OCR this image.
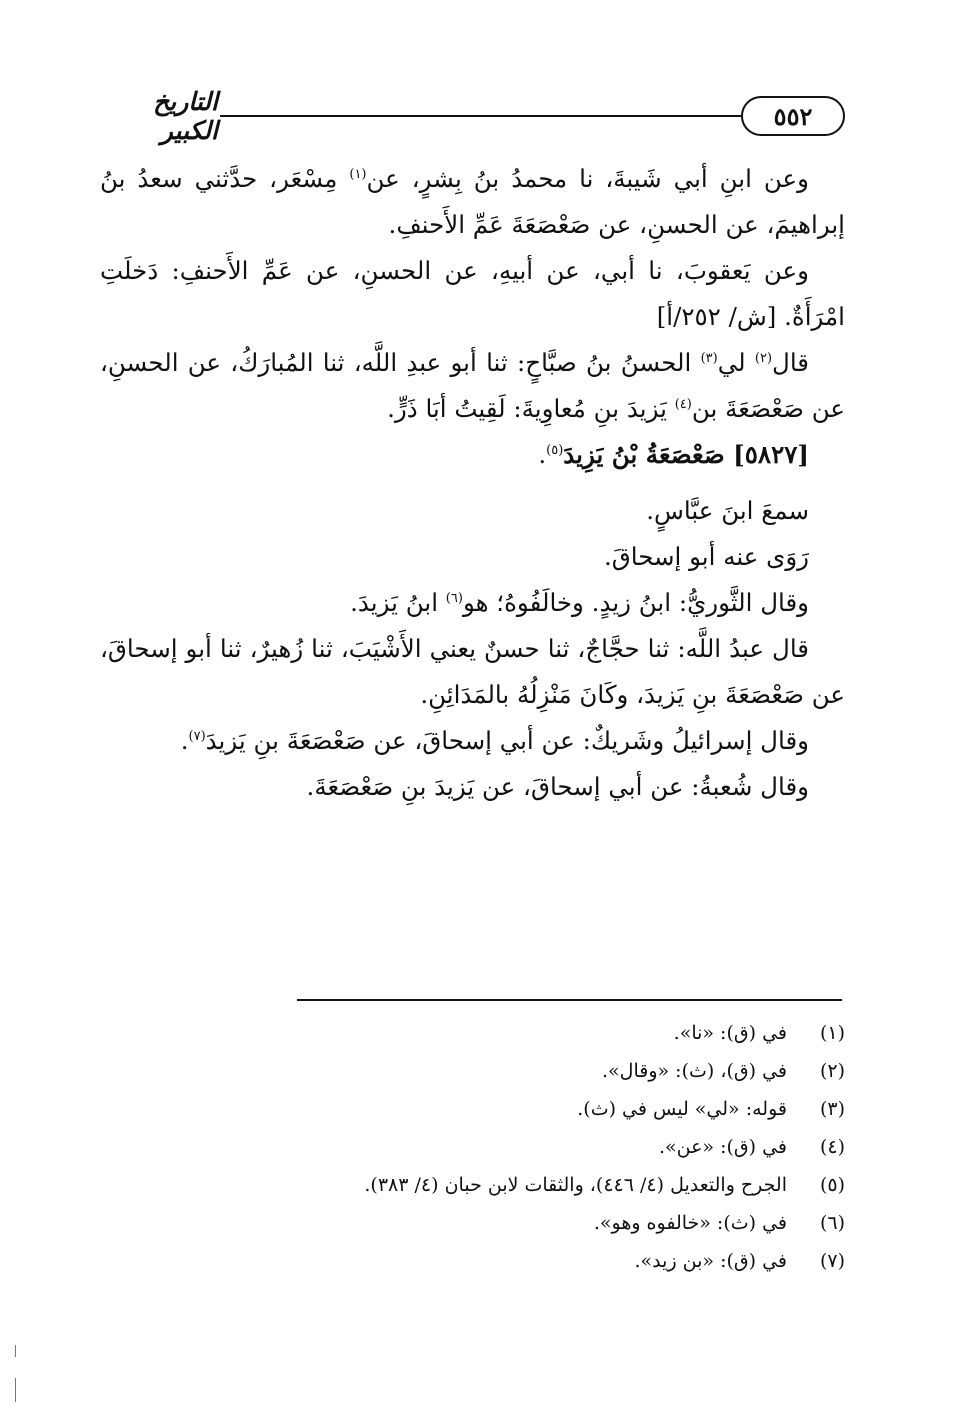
٥٥٢
التاريخ الكبير

وعن ابنِ أبي شَيبةَ، نا محمدُ بنُ بِشرٍ، عن$^{(١)}$ مِسْعَر، حدَّثني سعدُ بنُ إبراهيمَ، عن الحسنِ، عن صَعْصَعَةَ عَمِّ الأَحنفِ.

وعن يَعقوبَ، نا أبي، عن أبيهِ، عن الحسنِ، عن عَمِّ الأَحنفِ: دَخلَتِ امْرَأَةٌ. [ش/ ٢٥٢/أ]

قال$^{(٢)}$ لي$^{(٣)}$ الحسنُ بنُ صبَّاحٍ: ثنا أبو عبدِ اللَّه، ثنا المُبارَكُ، عن الحسنِ، عن صَعْصَعَةَ بن$^{(٤)}$ يَزيدَ بنِ مُعاوِيةَ: لَقِيتُ أبَا ذَرٍّ.

[٥٨٢٧] صَعْصَعَةُ بْنُ يَزِيدَ$^{(٥)}$.

سمعَ ابنَ عبَّاسٍ.

رَوَى عنه أبو إسحاقَ.

وقال الثَّوريُّ: ابنُ زيدٍ. وخالَفُوهُ؛ هو$^{(٦)}$ ابنُ يَزيدَ.

قال عبدُ اللَّه: ثنا حجَّاجٌ، ثنا حسنٌ يعني الأَشْيَبَ، ثنا زُهيرٌ، ثنا أبو إسحاقَ، عن صَعْصَعَةَ بنِ يَزيدَ، وكَانَ مَنْزِلُهُ بالمَدَائِنِ.

وقال إسرائيلُ وشَريكٌ: عن أبي إسحاقَ، عن صَعْصَعَةَ بنِ يَزيدَ$^{(٧)}$.

وقال شُعبةُ: عن أبي إسحاقَ، عن يَزيدَ بنِ صَعْصَعَةَ.

(١)
في (ق): «نا».
(٢)
في (ق)، (ث): «وقال».
(٣)
قوله: «لي» ليس في (ث).
(٤)
في (ق): «عن».
(٥)
الجرح والتعديل (٤/ ٤٤٦)، والثقات لابن حبان (٤/ ٣٨٣).
(٦)
في (ث): «خالفوه وهو».
(٧)
في (ق): «بن زيد».
